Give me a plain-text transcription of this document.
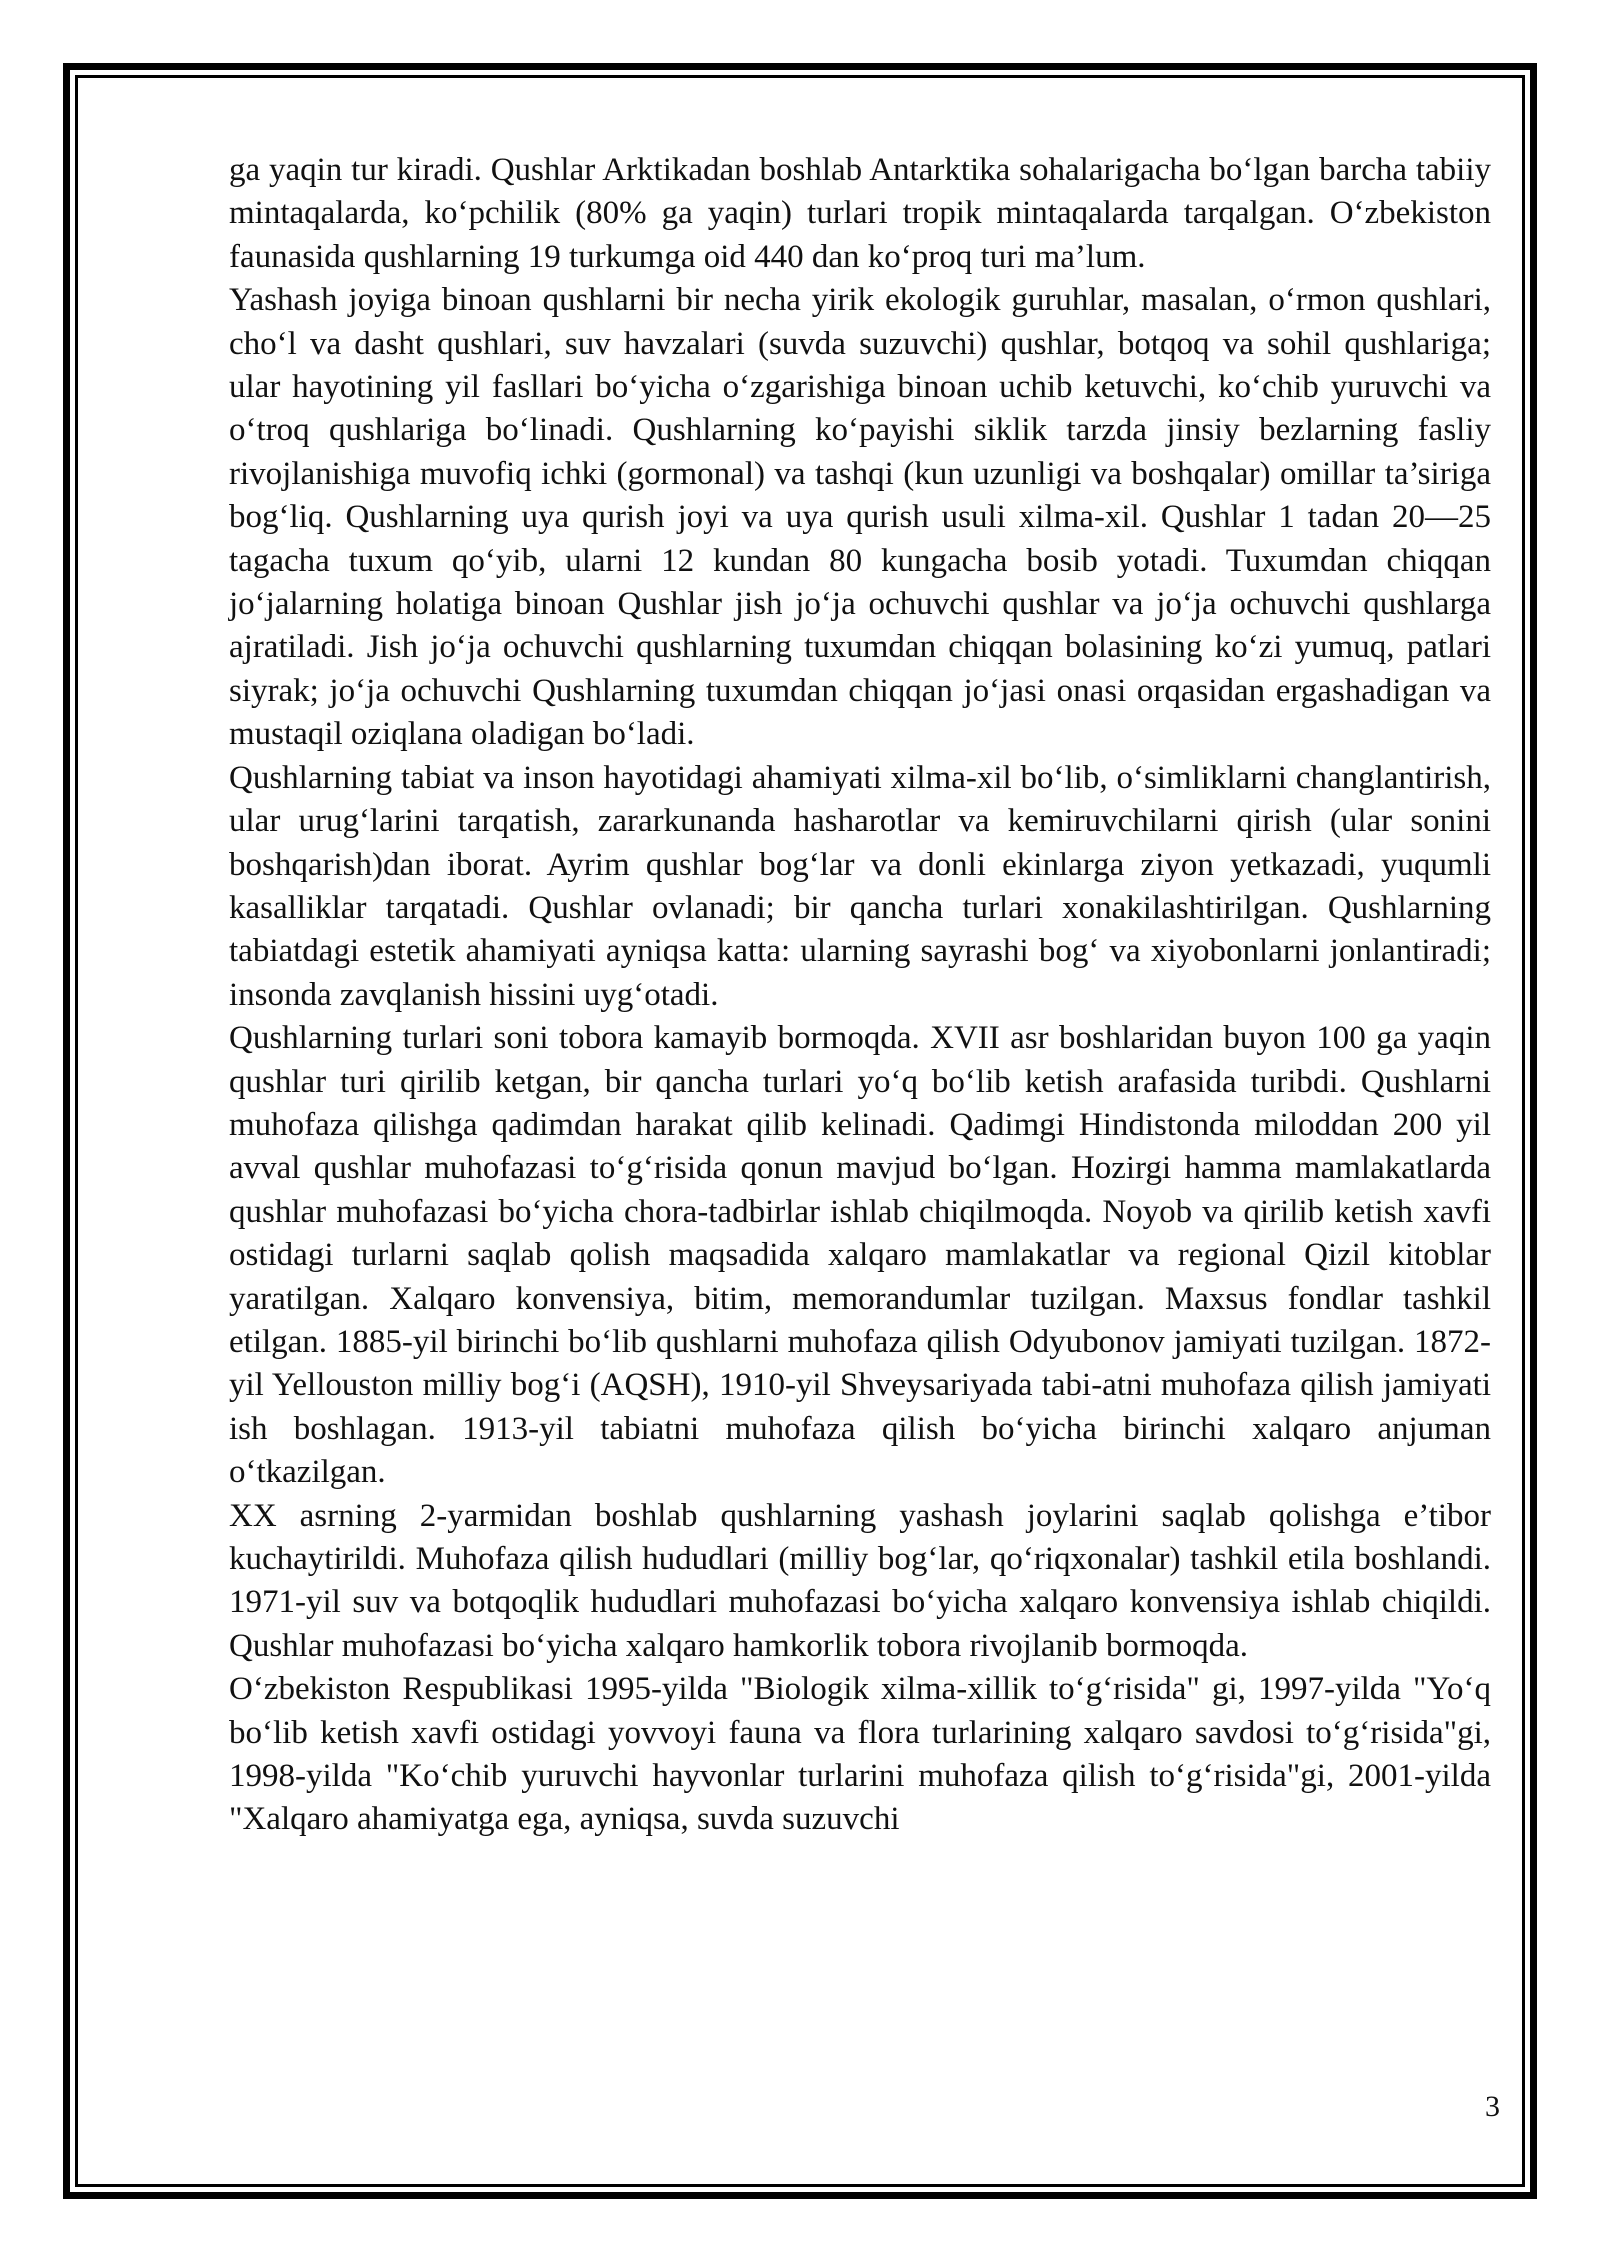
ga yaqin tur kiradi. Qushlar Arktikadan boshlab Antarktika sohalarigacha bo‘lgan barcha tabiiy mintaqalarda, ko‘pchilik (80% ga yaqin) turlari tropik mintaqalarda tarqalgan. O‘zbekiston faunasida qushlarning 19 turkumga oid 440 dan ko‘proq turi ma’lum.

Yashash joyiga binoan qushlarni bir necha yirik ekologik guruhlar, masalan, o‘rmon qushlari, cho‘l va dasht qushlari, suv havzalari (suvda suzuvchi) qushlar, botqoq va sohil qushlariga; ular hayotining yil fasllari bo‘yicha o‘zgarishiga binoan uchib ketuvchi, ko‘chib yuruvchi va o‘troq qushlariga bo‘linadi. Qushlarning ko‘payishi siklik tarzda jinsiy bezlarning fasliy rivojlanishiga muvofiq ichki (gormonal) va tashqi (kun uzunligi va boshqalar) omillar ta’siriga bog‘liq. Qushlarning uya qurish joyi va uya qurish usuli xilma-xil. Qushlar 1 tadan 20—25 tagacha tuxum qo‘yib, ularni 12 kundan 80 kungacha bosib yotadi. Tuxumdan chiqqan jo‘jalarning holatiga binoan Qushlar jish jo‘ja ochuvchi qushlar va jo‘ja ochuvchi qushlarga ajratiladi. Jish jo‘ja ochuvchi qushlarning tuxumdan chiqqan bolasining ko‘zi yumuq, patlari siyrak; jo‘ja ochuvchi Qushlarning tuxumdan chiqqan jo‘jasi onasi orqasidan ergashadigan va mustaqil oziqlana oladigan bo‘ladi.

Qushlarning tabiat va inson hayotidagi ahamiyati xilma-xil bo‘lib, o‘simliklarni changlantirish, ular urug‘larini tarqatish, zararkunanda hasharotlar va kemiruvchilarni qirish (ular sonini boshqarish)dan iborat. Ayrim qushlar bog‘lar va donli ekinlarga ziyon yetkazadi, yuqumli kasalliklar tarqatadi. Qushlar ovlanadi; bir qancha turlari xonakilashtirilgan. Qushlarning tabiatdagi estetik ahamiyati ayniqsa katta: ularning sayrashi bog‘ va xiyobonlarni jonlantiradi; insonda zavqlanish hissini uyg‘otadi.

Qushlarning turlari soni tobora kamayib bormoqda. XVII asr boshlaridan buyon 100 ga yaqin qushlar turi qirilib ketgan, bir qancha turlari yo‘q bo‘lib ketish arafasida turibdi. Qushlarni muhofaza qilishga qadimdan harakat qilib kelinadi. Qadimgi Hindistonda miloddan 200 yil avval qushlar muhofazasi to‘g‘risida qonun mavjud bo‘lgan. Hozirgi hamma mamlakatlarda qushlar muhofazasi bo‘yicha chora-tadbirlar ishlab chiqilmoqda. Noyob va qirilib ketish xavfi ostidagi turlarni saqlab qolish maqsadida xalqaro mamlakatlar va regional Qizil kitoblar yaratilgan. Xalqaro konvensiya, bitim, memorandumlar tuzilgan. Maxsus fondlar tashkil etilgan. 1885-yil birinchi bo‘lib qushlarni muhofaza qilish Odyubonov jamiyati tuzilgan. 1872-yil Yellouston milliy bog‘i (AQSH), 1910-yil Shveysariyada tabi-atni muhofaza qilish jamiyati ish boshlagan. 1913-yil tabiatni muhofaza qilish bo‘yicha birinchi xalqaro anjuman o‘tkazilgan.

XX asrning 2-yarmidan boshlab qushlarning yashash joylarini saqlab qolishga e’tibor kuchaytirildi. Muhofaza qilish hududlari (milliy bog‘lar, qo‘riqxonalar) tashkil etila boshlandi. 1971-yil suv va botqoqlik hududlari muhofazasi bo‘yicha xalqaro konvensiya ishlab chiqildi. Qushlar muhofazasi bo‘yicha xalqaro hamkorlik tobora rivojlanib bormoqda.

O‘zbekiston Respublikasi 1995-yilda "Biologik xilma-xillik to‘g‘risida" gi, 1997-yilda "Yo‘q bo‘lib ketish xavfi ostidagi yovvoyi fauna va flora turlarining xalqaro savdosi to‘g‘risida"gi, 1998-yilda "Ko‘chib yuruvchi hayvonlar turlarini muhofaza qilish to‘g‘risida"gi, 2001-yilda "Xalqaro ahamiyatga ega, ayniqsa, suvda suzuvchi

3
